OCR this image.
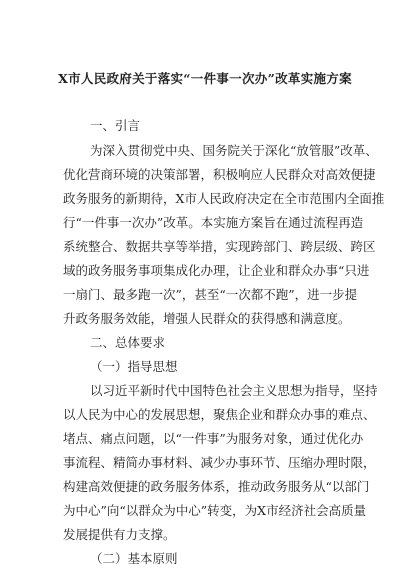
X市人民政府关于落实“一件事一次办”改革实施方案

一、引言

为深入贯彻党中央、国务院关于深化“放管服”改革、

优化营商环境的决策部署，积极响应人民群众对高效便捷

政务服务的新期待，X市人民政府决定在全市范围内全面推

行“一件事一次办”改革。本实施方案旨在通过流程再造

系统整合、数据共享等举措，实现跨部门、跨层级、跨区

域的政务服务事项集成化办理，让企业和群众办事“只进

一扇门、最多跑一次”，甚至“一次都不跑”，进一步提

升政务服务效能，增强人民群众的获得感和满意度。

二、总体要求

（一）指导思想

以习近平新时代中国特色社会主义思想为指导，坚持

以人民为中心的发展思想，聚焦企业和群众办事的难点、

堵点、痛点问题，以“一件事”为服务对象，通过优化办

事流程、精简办事材料、减少办事环节、压缩办理时限，

构建高效便捷的政务服务体系，推动政务服务从“以部门

为中心”向“以群众为中心”转变，为X市经济社会高质量

发展提供有力支撑。

（二）基本原则
